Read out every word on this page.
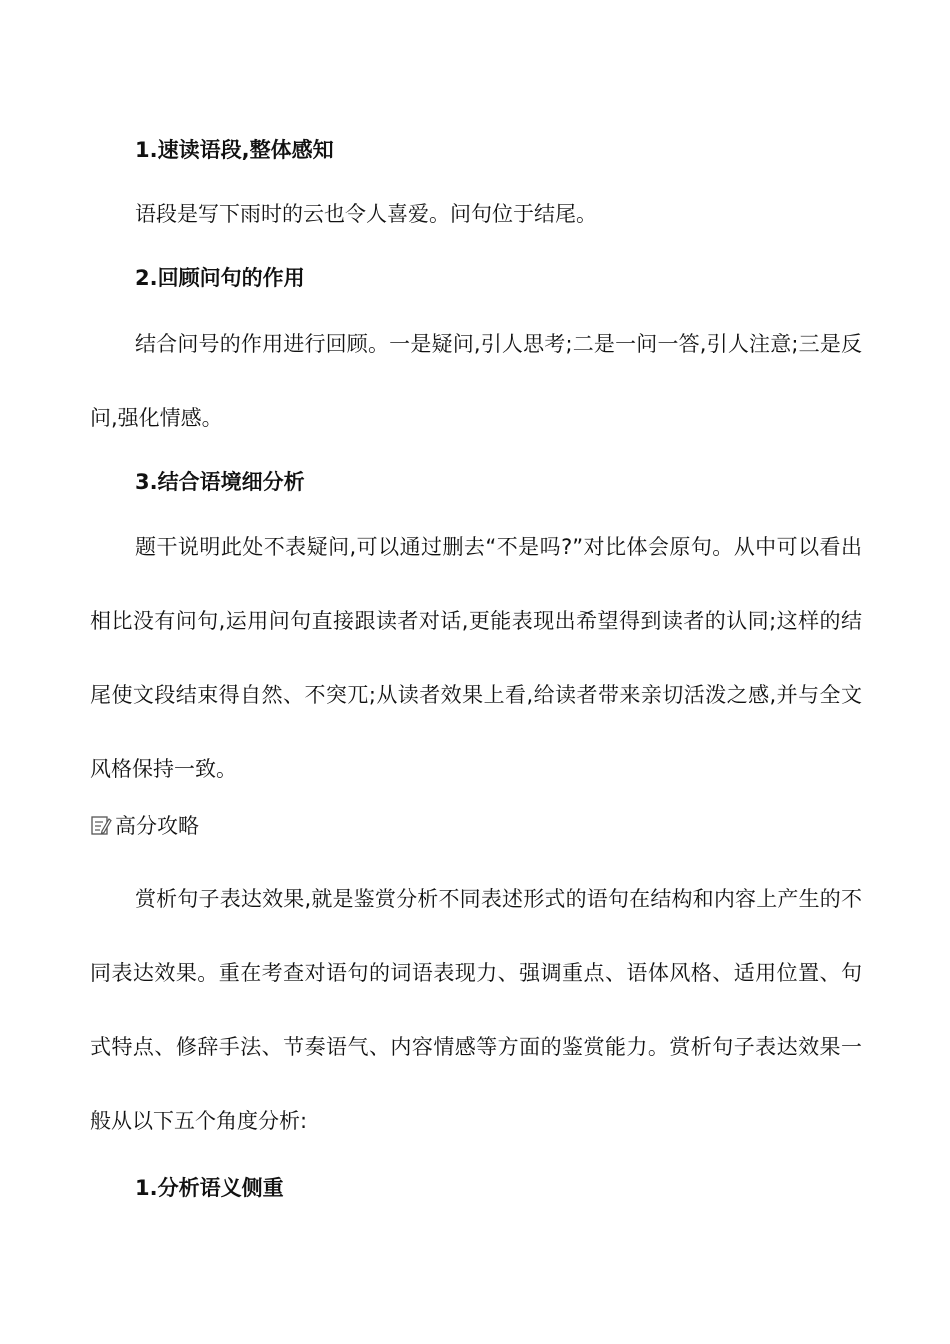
1.速读语段,整体感知

语段是写下雨时的云也令人喜爱。问句位于结尾。

2.回顾问句的作用

结合问号的作用进行回顾。一是疑问,引人思考;二是一问一答,引人注意;三是反问,强化情感。

3.结合语境细分析

题干说明此处不表疑问,可以通过删去“不是吗?”对比体会原句。从中可以看出相比没有问句,运用问句直接跟读者对话,更能表现出希望得到读者的认同;这样的结尾使文段结束得自然、不突兀;从读者效果上看,给读者带来亲切活泼之感,并与全文风格保持一致。

高分攻略

赏析句子表达效果,就是鉴赏分析不同表述形式的语句在结构和内容上产生的不同表达效果。重在考查对语句的词语表现力、强调重点、语体风格、适用位置、句式特点、修辞手法、节奏语气、内容情感等方面的鉴赏能力。赏析句子表达效果一般从以下五个角度分析:

1.分析语义侧重
